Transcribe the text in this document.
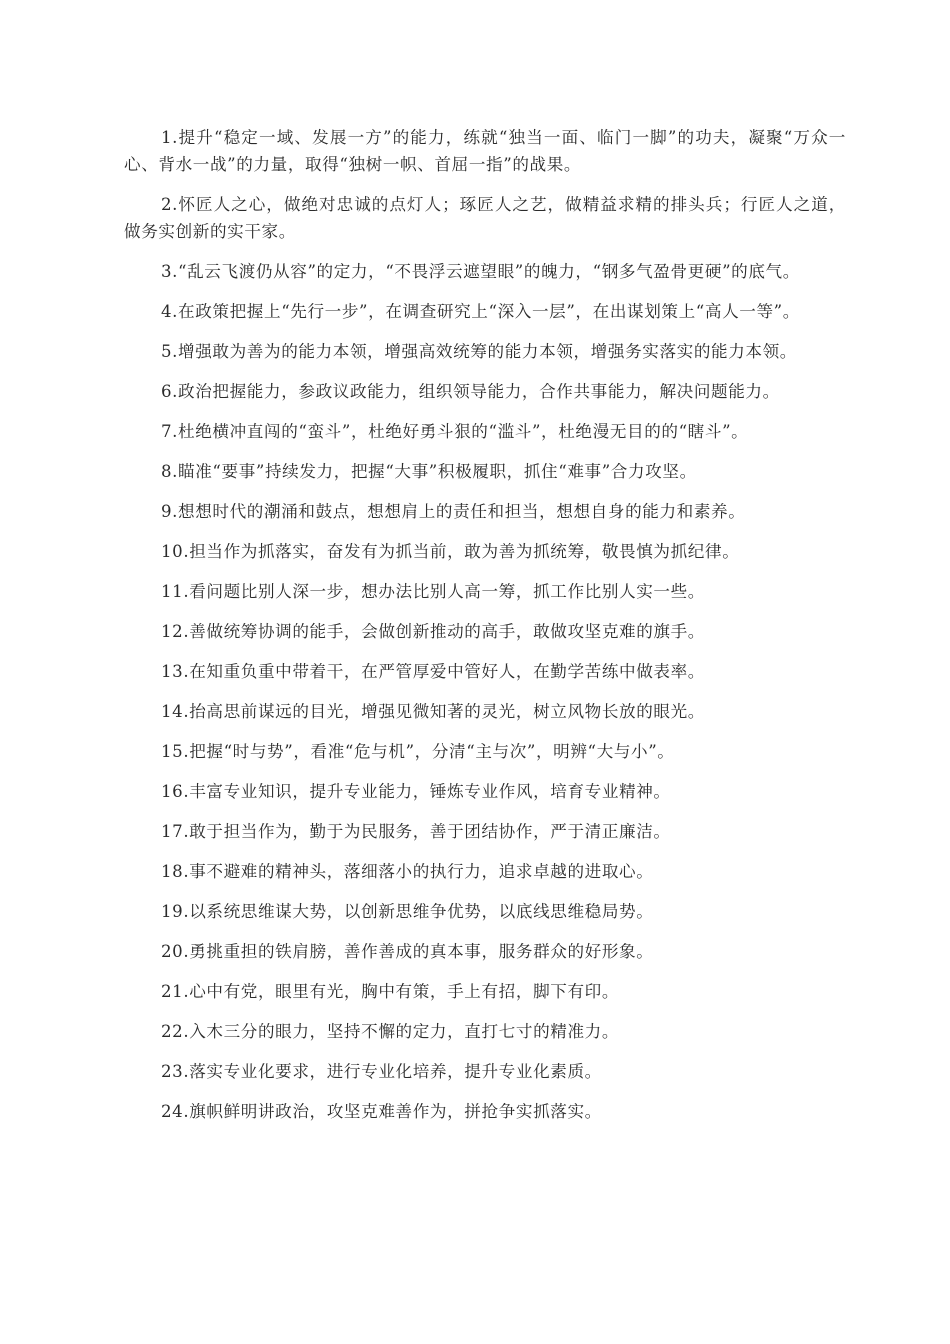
1.提升“稳定一域、发展一方”的能力，练就“独当一面、临门一脚”的功夫，凝聚“万众一心、背水一战”的力量，取得“独树一帜、首屈一指”的战果。
2.怀匠人之心，做绝对忠诚的点灯人；琢匠人之艺，做精益求精的排头兵；行匠人之道，做务实创新的实干家。
3.“乱云飞渡仍从容”的定力，“不畏浮云遮望眼”的魄力，“钢多气盈骨更硬”的底气。
4.在政策把握上“先行一步”，在调查研究上“深入一层”，在出谋划策上“高人一等”。
5.增强敢为善为的能力本领，增强高效统筹的能力本领，增强务实落实的能力本领。
6.政治把握能力，参政议政能力，组织领导能力，合作共事能力，解决问题能力。
7.杜绝横冲直闯的“蛮斗”，杜绝好勇斗狠的“滥斗”，杜绝漫无目的的“瞎斗”。
8.瞄准“要事”持续发力，把握“大事”积极履职，抓住“难事”合力攻坚。
9.想想时代的潮涌和鼓点，想想肩上的责任和担当，想想自身的能力和素养。
10.担当作为抓落实，奋发有为抓当前，敢为善为抓统筹，敬畏慎为抓纪律。
11.看问题比别人深一步，想办法比别人高一筹，抓工作比别人实一些。
12.善做统筹协调的能手，会做创新推动的高手，敢做攻坚克难的旗手。
13.在知重负重中带着干，在严管厚爱中管好人，在勤学苦练中做表率。
14.抬高思前谋远的目光，增强见微知著的灵光，树立风物长放的眼光。
15.把握“时与势”，看准“危与机”，分清“主与次”，明辨“大与小”。
16.丰富专业知识，提升专业能力，锤炼专业作风，培育专业精神。
17.敢于担当作为，勤于为民服务，善于团结协作，严于清正廉洁。
18.事不避难的精神头，落细落小的执行力，追求卓越的进取心。
19.以系统思维谋大势，以创新思维争优势，以底线思维稳局势。
20.勇挑重担的铁肩膀，善作善成的真本事，服务群众的好形象。
21.心中有党，眼里有光，胸中有策，手上有招，脚下有印。
22.入木三分的眼力，坚持不懈的定力，直打七寸的精准力。
23.落实专业化要求，进行专业化培养，提升专业化素质。
24.旗帜鲜明讲政治，攻坚克难善作为，拼抢争实抓落实。
